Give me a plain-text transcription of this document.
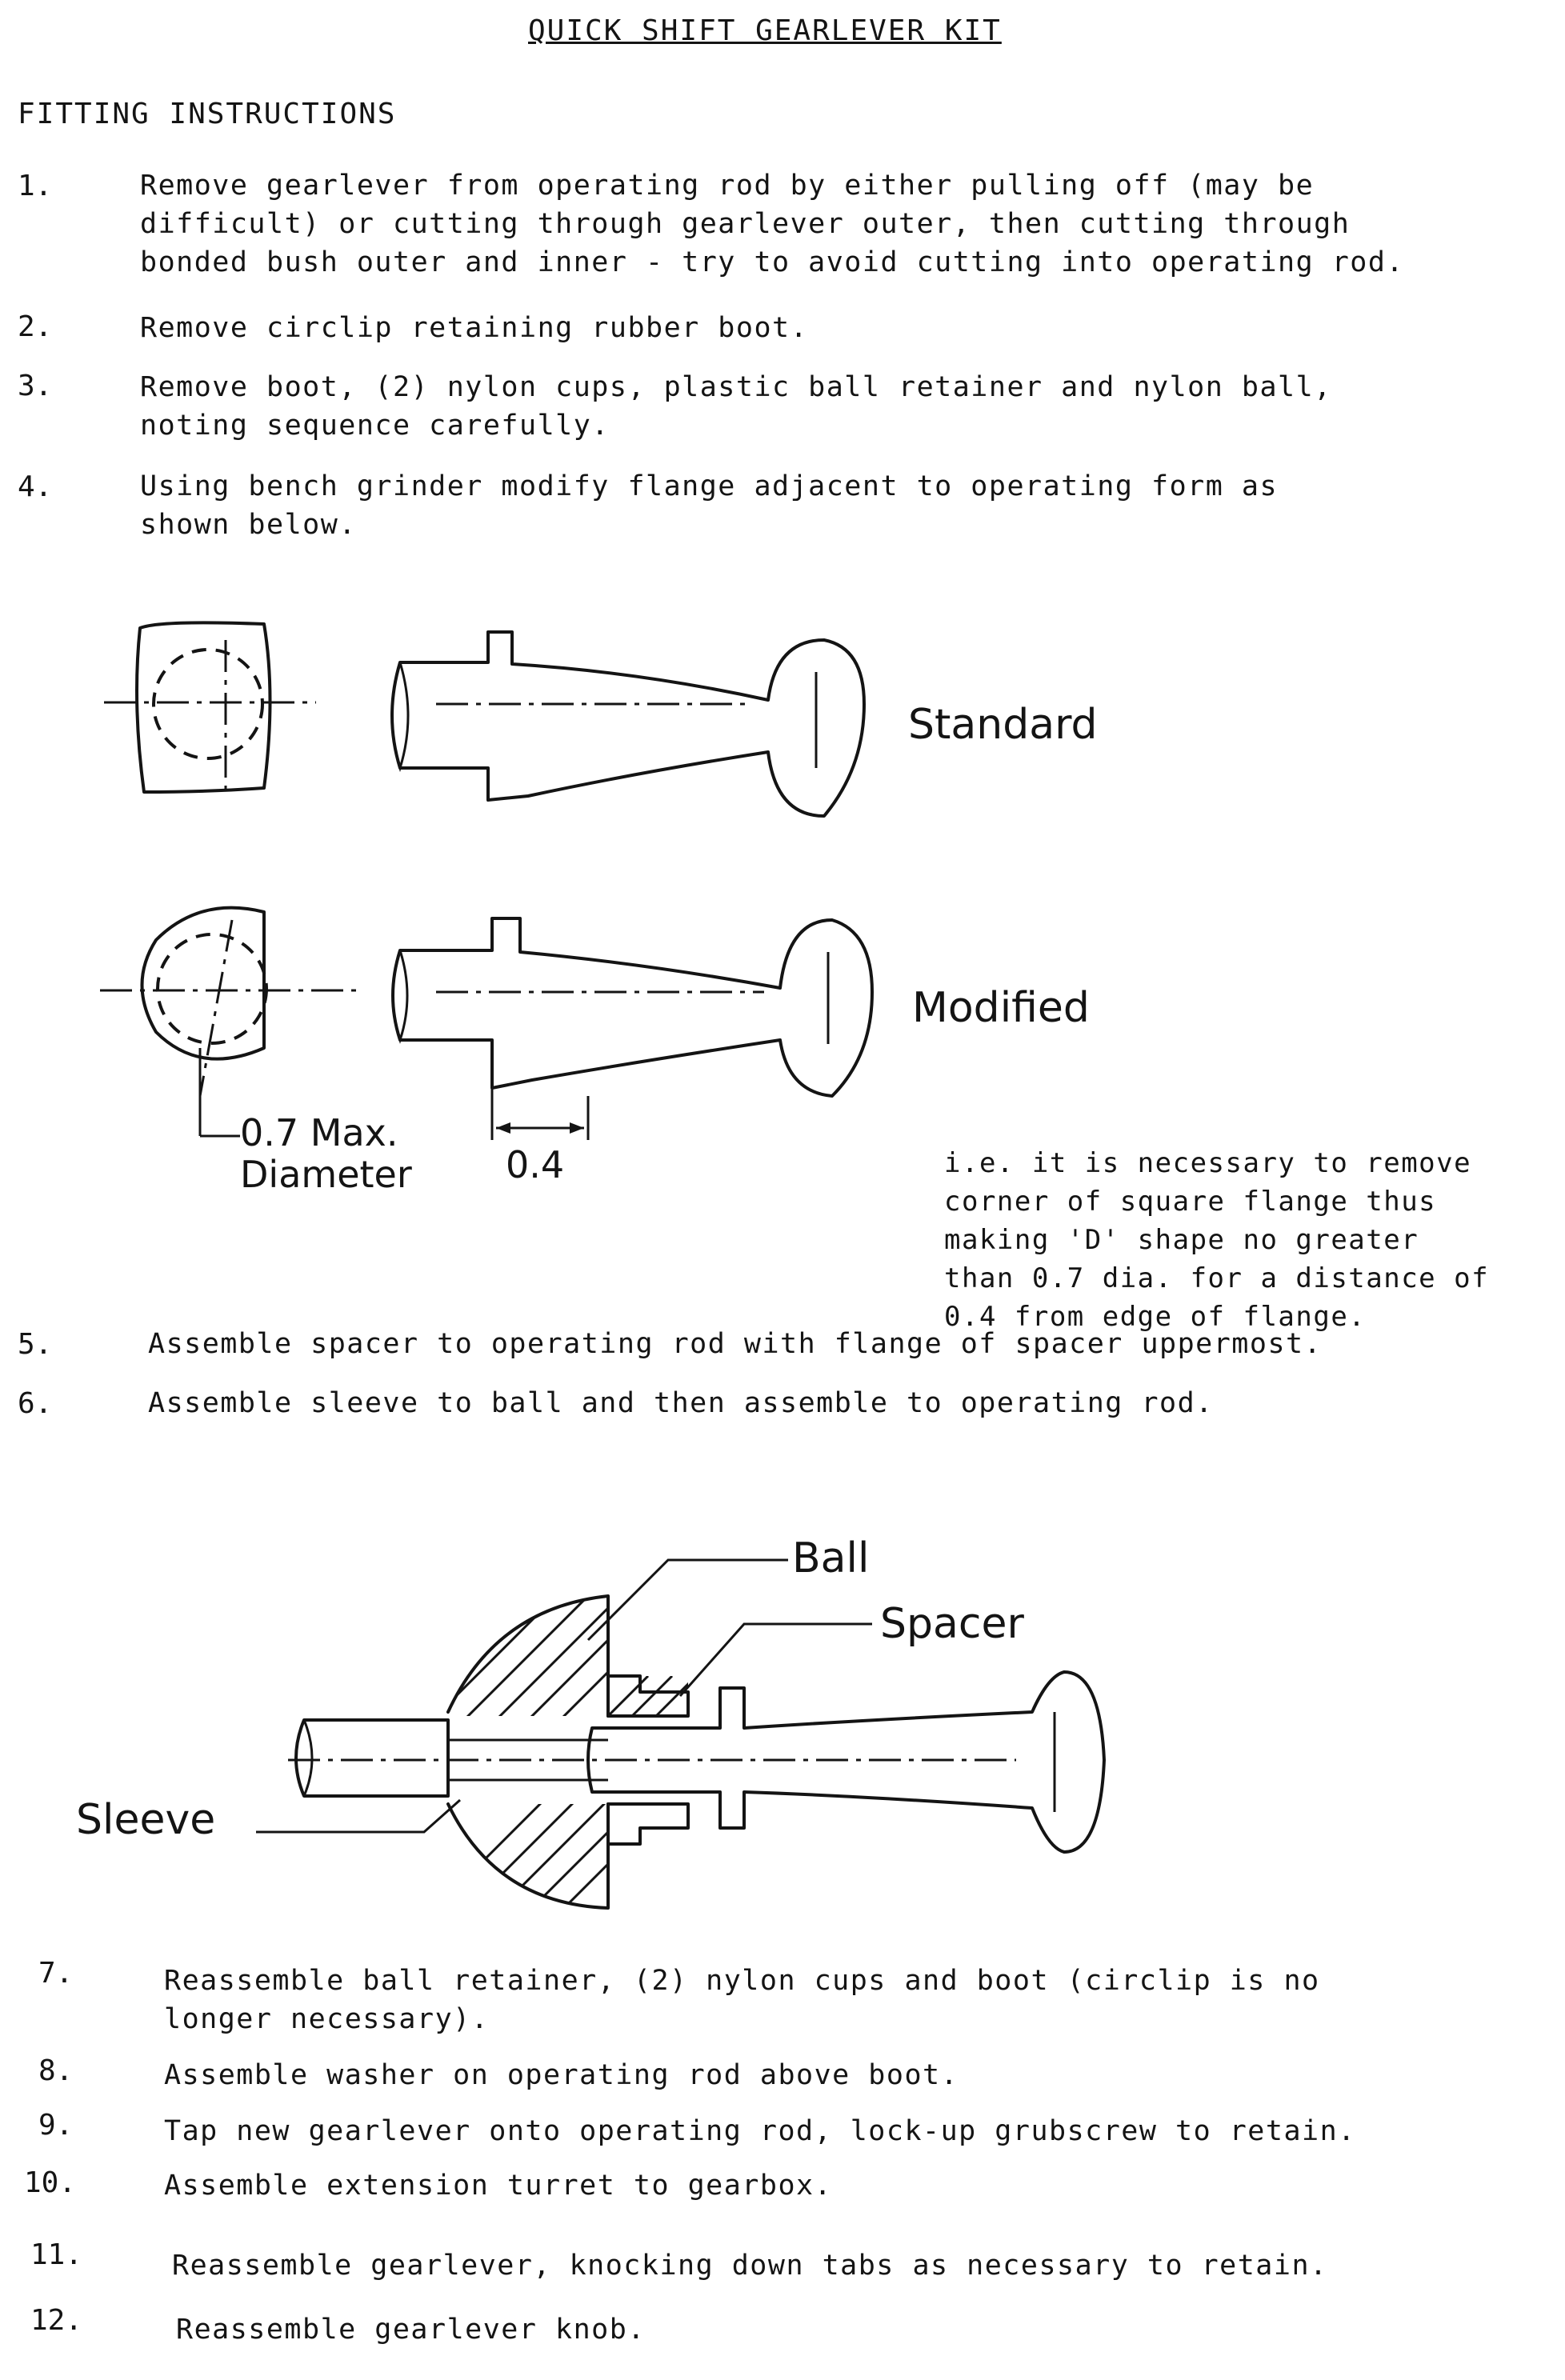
QUICK SHIFT GEARLEVER KIT
FITTING INSTRUCTIONS
1.	Remove gearlever from operating rod by either pulling off (may be
difficult) or cutting through gearlever outer, then cutting through
bonded bush outer and inner - try to avoid cutting into operating rod.
2.	Remove circlip retaining rubber boot.
3.	Remove boot, (2) nylon cups, plastic ball retainer and nylon ball,
noting sequence carefully.
4.	Using bench grinder modify flange adjacent to operating form as
shown below.
Standard
Modified
0.7 Max.
Diameter	0.4	i.e. it is necessary to remove
corner of square flange thus
making 'D' shape no greater
than 0.7 dia. for a distance of
0.4 from edge of flange.
5.	Assemble spacer to operating rod with flange of spacer uppermost.
6.	Assemble sleeve to ball and then assemble to operating rod.
Ball
Spacer
Sleeve
7.	Reassemble ball retainer, (2) nylon cups and boot (circlip is no
longer necessary).
8.	Assemble washer on operating rod above boot.
9.	Tap new gearlever onto operating rod, lock-up grubscrew to retain.
10.	Assemble extension turret to gearbox.
11.	Reassemble gearlever, knocking down tabs as necessary to retain.
12.	Reassemble gearlever knob.
